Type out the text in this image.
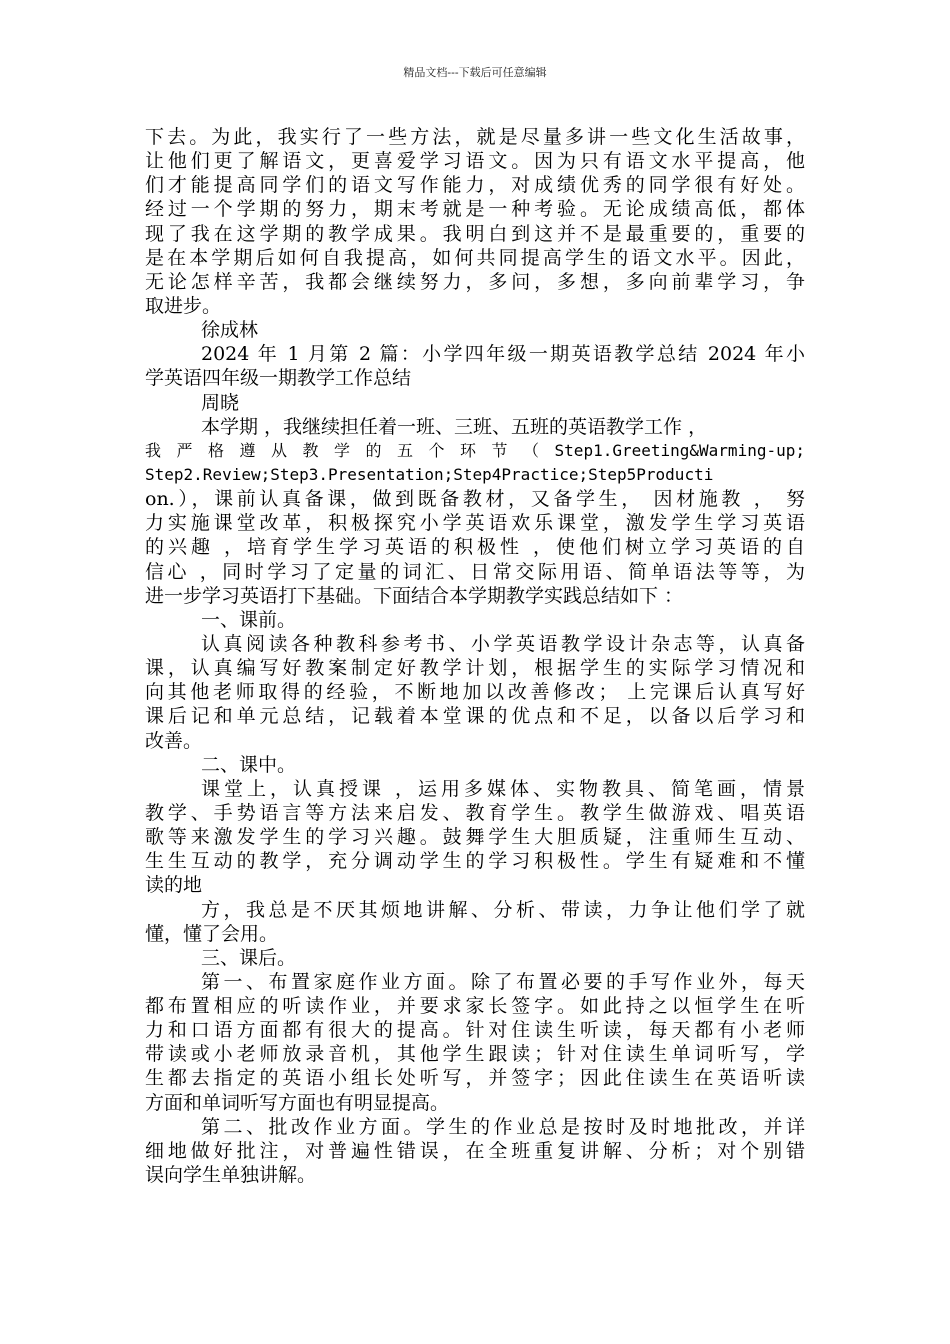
精品文档---下载后可任意编辑
下去。为此，我实行了一些方法，就是尽量多讲一些文化生活故事，
让他们更了解语文，更喜爱学习语文。因为只有语文水平提高，他
们才能提高同学们的语文写作能力，对成绩优秀的同学很有好处。
经过一个学期的努力，期末考就是一种考验。无论成绩高低，都体
现了我在这学期的教学成果。我明白到这并不是最重要的，重要的
是在本学期后如何自我提高，如何共同提高学生的语文水平。因此，
无论怎样辛苦，我都会继续努力，多问，多想，多向前辈学习，争
取进步。
徐成林
2024 年 1 月第 2 篇：小学四年级一期英语教学总结 2024 年小
学英语四年级一期教学工作总结
周晓
本学期 ，我继续担任着一班、三班、五班的英语教学工作 ，
我 严 格 遵 从 教 学 的 五 个 环 节 （ Step1.Greeting&Warming-up;
Step2.Review;Step3.Presentation;Step4Practice;Step5Producti
on.），课前认真备课，做到既备教材，又备学生， 因材施教 ， 努
力实施课堂改革，积极探究小学英语欢乐课堂，激发学生学习英语
的兴趣 ，培育学生学习英语的积极性 ，使他们树立学习英语的自
信心 ，同时学习了定量的词汇、日常交际用语、简单语法等等，为
进一步学习英语打下基础。下面结合本学期教学实践总结如下 ：
一、课前。
认真阅读各种教科参考书、小学英语教学设计杂志等，认真备
课，认真编写好教案制定好教学计划，根据学生的实际学习情况和
向其他老师取得的经验，不断地加以改善修改； 上完课后认真写好
课后记和单元总结，记载着本堂课的优点和不足，以备以后学习和
改善。
二、课中。
课堂上，认真授课 ，运用多媒体、实物教具、简笔画，情景
教学、手势语言等方法来启发、教育学生。教学生做游戏、唱英语
歌等来激发学生的学习兴趣。鼓舞学生大胆质疑，注重师生互动、
生生互动的教学，充分调动学生的学习积极性。学生有疑难和不懂
读的地
方，我总是不厌其烦地讲解、分析、带读，力争让他们学了就
懂，懂了会用。
三、课后。
第一、布置家庭作业方面。除了布置必要的手写作业外，每天
都布置相应的听读作业，并要求家长签字。如此持之以恒学生在听
力和口语方面都有很大的提高。针对住读生听读，每天都有小老师
带读或小老师放录音机，其他学生跟读；针对住读生单词听写，学
生都去指定的英语小组长处听写，并签字；因此住读生在英语听读
方面和单词听写方面也有明显提高。
第二、批改作业方面。学生的作业总是按时及时地批改，并详
细地做好批注，对普遍性错误，在全班重复讲解、分析；对个别错
误向学生单独讲解。
